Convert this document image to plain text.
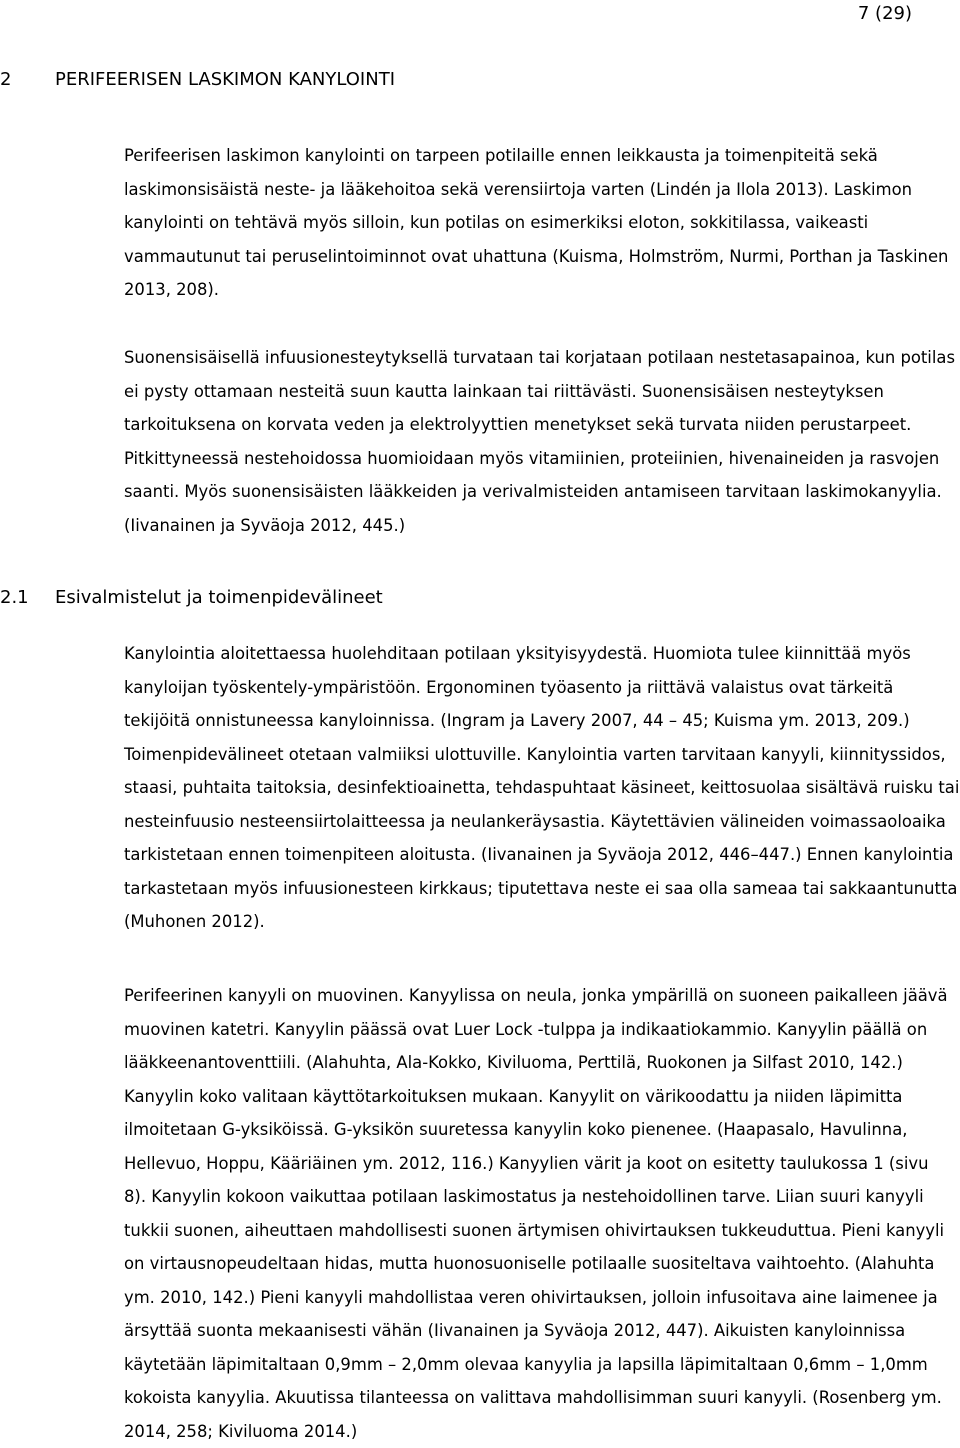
7 (29)
2	PERIFEERISEN LASKIMON KANYLOINTI
Perifeerisen laskimon kanylointi on tarpeen potilaille ennen leikkausta ja toimenpiteitä sekä
laskimonsisäistä neste- ja lääkehoitoa sekä verensiirtoja varten (Lindén ja Ilola 2013). Laskimon
kanylointi on tehtävä myös silloin, kun potilas on esimerkiksi eloton, sokkitilassa, vaikeasti
vammautunut tai peruselintoiminnot ovat uhattuna (Kuisma, Holmström, Nurmi, Porthan ja Taskinen
2013, 208).
Suonensisäisellä infuusionesteytyksellä turvataan tai korjataan potilaan nestetasapainoa, kun potilas
ei pysty ottamaan nesteitä suun kautta lainkaan tai riittävästi. Suonensisäisen nesteytyksen
tarkoituksena on korvata veden ja elektrolyyttien menetykset sekä turvata niiden perustarpeet.
Pitkittyneessä nestehoidossa huomioidaan myös vitamiinien, proteiinien, hivenaineiden ja rasvojen
saanti. Myös suonensisäisten lääkkeiden ja verivalmisteiden antamiseen tarvitaan laskimokanyylia.
(Iivanainen ja Syväoja 2012, 445.)
2.1	Esivalmistelut ja toimenpidevälineet
Kanylointia aloitettaessa huolehditaan potilaan yksityisyydestä. Huomiota tulee kiinnittää myös
kanyloijan työskentely-ympäristöön. Ergonominen työasento ja riittävä valaistus ovat tärkeitä
tekijöitä onnistuneessa kanyloinnissa. (Ingram ja Lavery 2007, 44 – 45; Kuisma ym. 2013, 209.)
Toimenpidevälineet otetaan valmiiksi ulottuville. Kanylointia varten tarvitaan kanyyli, kiinnityssidos,
staasi, puhtaita taitoksia, desinfektioainetta, tehdaspuhtaat käsineet, keittosuolaa sisältävä ruisku tai
nesteinfuusio nesteensiirtolaitteessa ja neulankeräysastia. Käytettävien välineiden voimassaoloaika
tarkistetaan ennen toimenpiteen aloitusta. (Iivanainen ja Syväoja 2012, 446–447.) Ennen kanylointia
tarkastetaan myös infuusionesteen kirkkaus; tiputettava neste ei saa olla sameaa tai sakkaantunutta
(Muhonen 2012).
Perifeerinen kanyyli on muovinen. Kanyylissa on neula, jonka ympärillä on suoneen paikalleen jäävä
muovinen katetri. Kanyylin päässä ovat Luer Lock -tulppa ja indikaatiokammio. Kanyylin päällä on
lääkkeenantoventtiili. (Alahuhta, Ala-Kokko, Kiviluoma, Perttilä, Ruokonen ja Silfast 2010, 142.)
Kanyylin koko valitaan käyttötarkoituksen mukaan. Kanyylit on värikoodattu ja niiden läpimitta
ilmoitetaan G-yksiköissä. G-yksikön suuretessa kanyylin koko pienenee. (Haapasalo, Havulinna,
Hellevuo, Hoppu, Kääriäinen ym. 2012, 116.) Kanyylien värit ja koot on esitetty taulukossa 1 (sivu
8). Kanyylin kokoon vaikuttaa potilaan laskimostatus ja nestehoidollinen tarve. Liian suuri kanyyli
tukkii suonen, aiheuttaen mahdollisesti suonen ärtymisen ohivirtauksen tukkeuduttua. Pieni kanyyli
on virtausnopeudeltaan hidas, mutta huonosuoniselle potilaalle suositeltava vaihtoehto. (Alahuhta
ym. 2010, 142.) Pieni kanyyli mahdollistaa veren ohivirtauksen, jolloin infusoitava aine laimenee ja
ärsyttää suonta mekaanisesti vähän (Iivanainen ja Syväoja 2012, 447). Aikuisten kanyloinnissa
käytetään läpimitaltaan 0,9mm – 2,0mm olevaa kanyylia ja lapsilla läpimitaltaan 0,6mm – 1,0mm
kokoista kanyylia. Akuutissa tilanteessa on valittava mahdollisimman suuri kanyyli. (Rosenberg ym.
2014, 258; Kiviluoma 2014.)
